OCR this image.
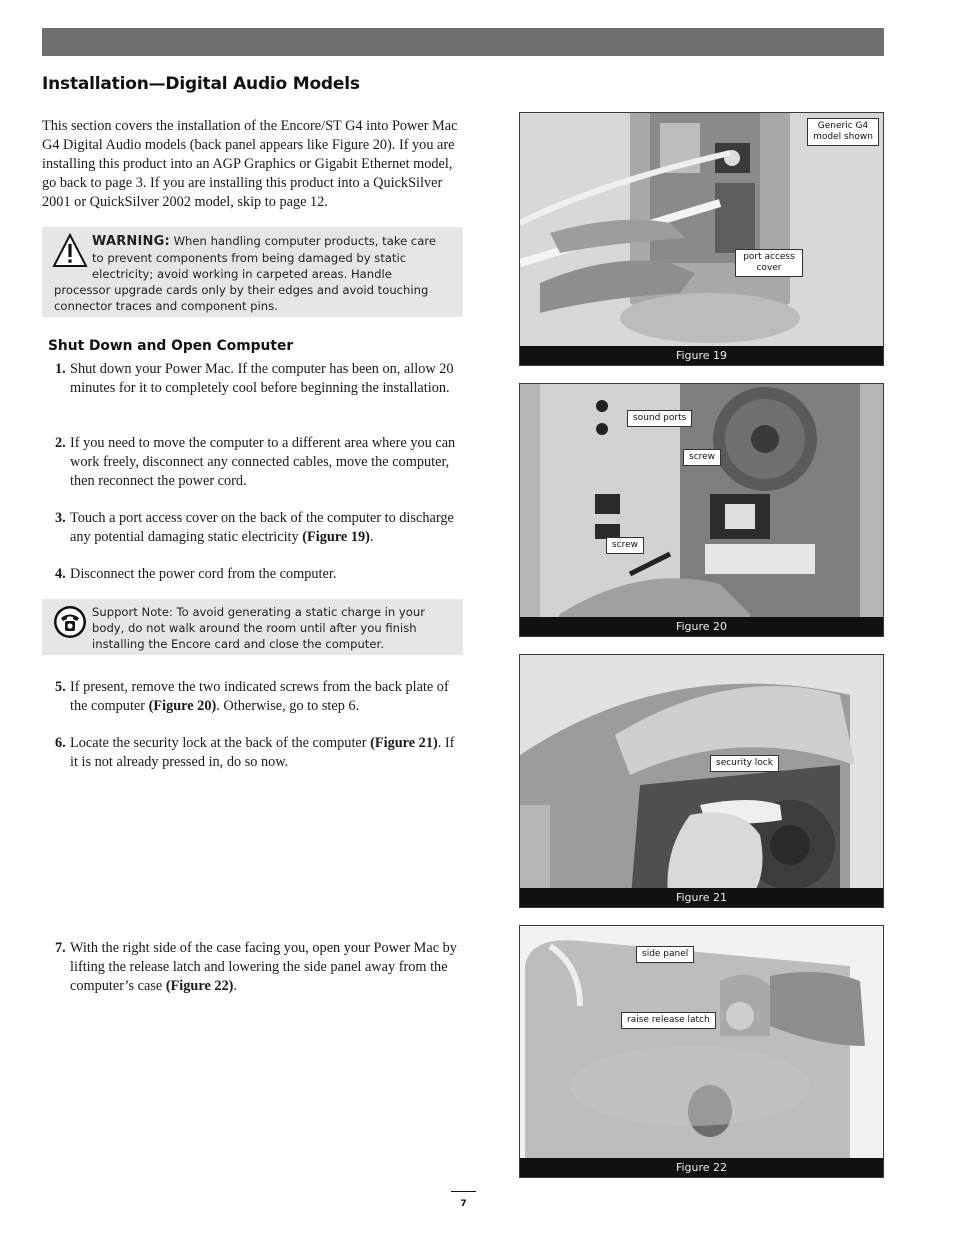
Installation—Digital Audio Models

This section covers the installation of the Encore/ST G4 into Power Mac G4 Digital Audio models (back panel appears like Figure 20). If you are installing this product into an AGP Graphics or Gigabit Ethernet model, go back to page 3. If you are installing this product into a QuickSilver 2001 or QuickSilver 2002 model, skip to page 12.

WARNING: When handling computer products, take care to prevent components from being damaged by static electricity; avoid working in carpeted areas. Handle processor upgrade cards only by their edges and avoid touching connector traces and component pins.
Shut Down and Open Computer

1. Shut down your Power Mac. If the computer has been on, allow 20 minutes for it to completely cool before beginning the installation.

2. If you need to move the computer to a different area where you can work freely, disconnect any connected cables, move the computer, then reconnect the power cord.

3. Touch a port access cover on the back of the computer to discharge any potential damaging static electricity (Figure 19).

4. Disconnect the power cord from the computer.

Support Note: To avoid generating a static charge in your body, do not walk around the room until after you finish installing the Encore card and close the computer.

5. If present, remove the two indicated screws from the back plate of the computer (Figure 20). Otherwise, go to step 6.

6. Locate the security lock at the back of the computer (Figure 21). If it is not already pressed in, do so now.

7. With the right side of the case facing you, open your Power Mac by lifting the release latch and lowering the side panel away from the computer’s case (Figure 22).

Generic G4 model shown
port access cover
Figure 19
sound ports
screw
screw
Figure 20
security lock
Figure 21
side panel
raise release latch
Figure 22
7
